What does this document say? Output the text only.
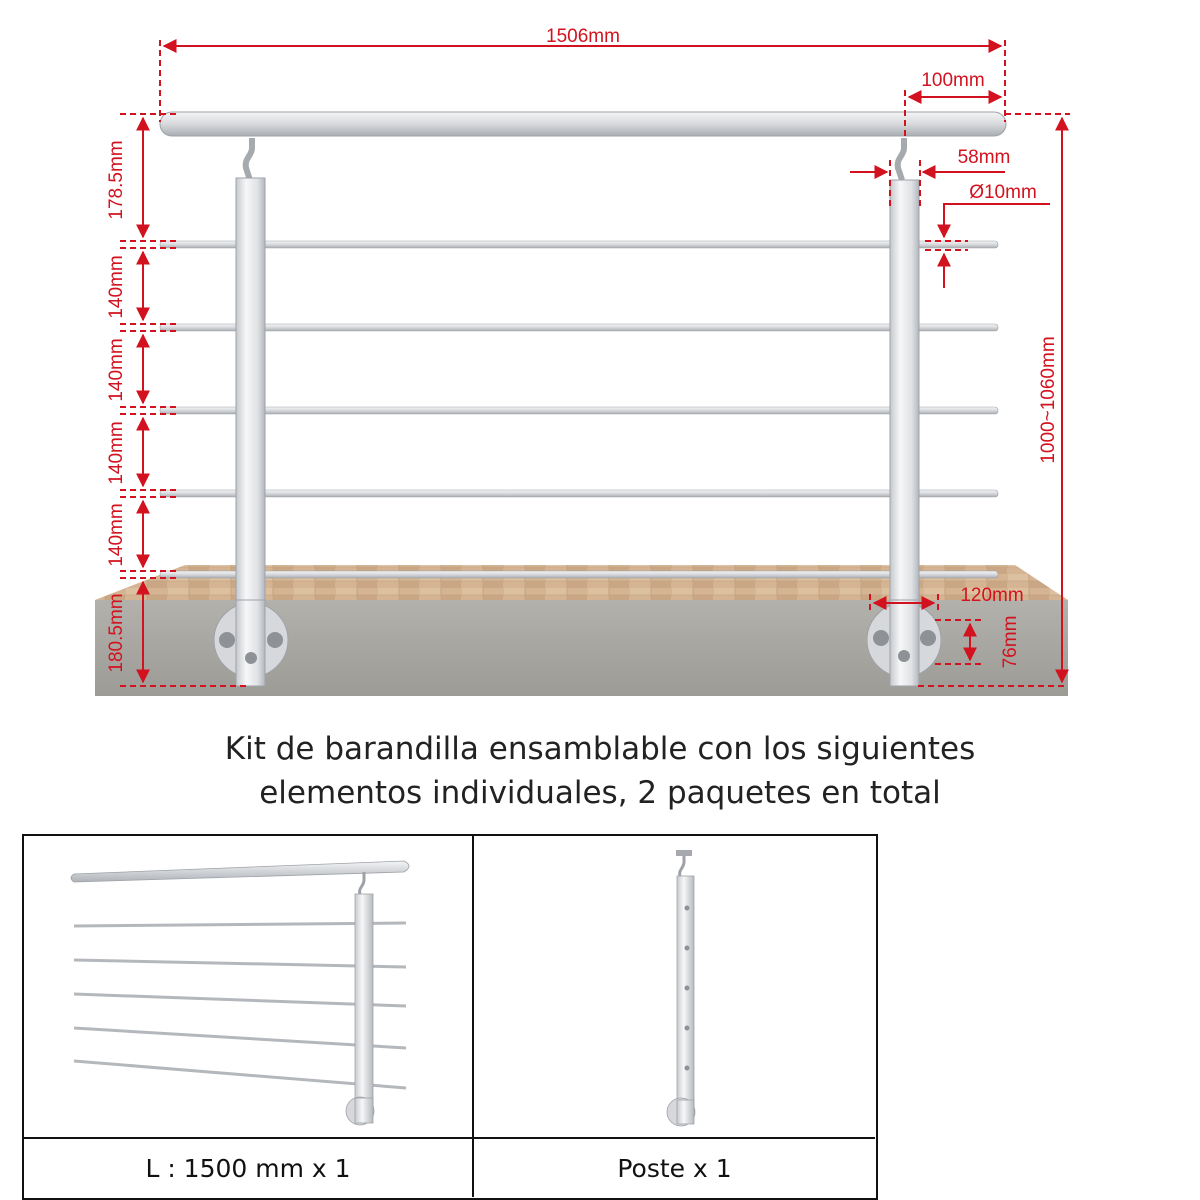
1506mm
100mm
58mm
Ø10mm
120mm
1000~1060mm
178.5mm
140mm
140mm
140mm
140mm
180.5mm	76mm
Kit de barandilla ensamblable con los siguientes
elementos individuales, 2 paquetes en total
L : 1500 mm x 1	Poste x 1
